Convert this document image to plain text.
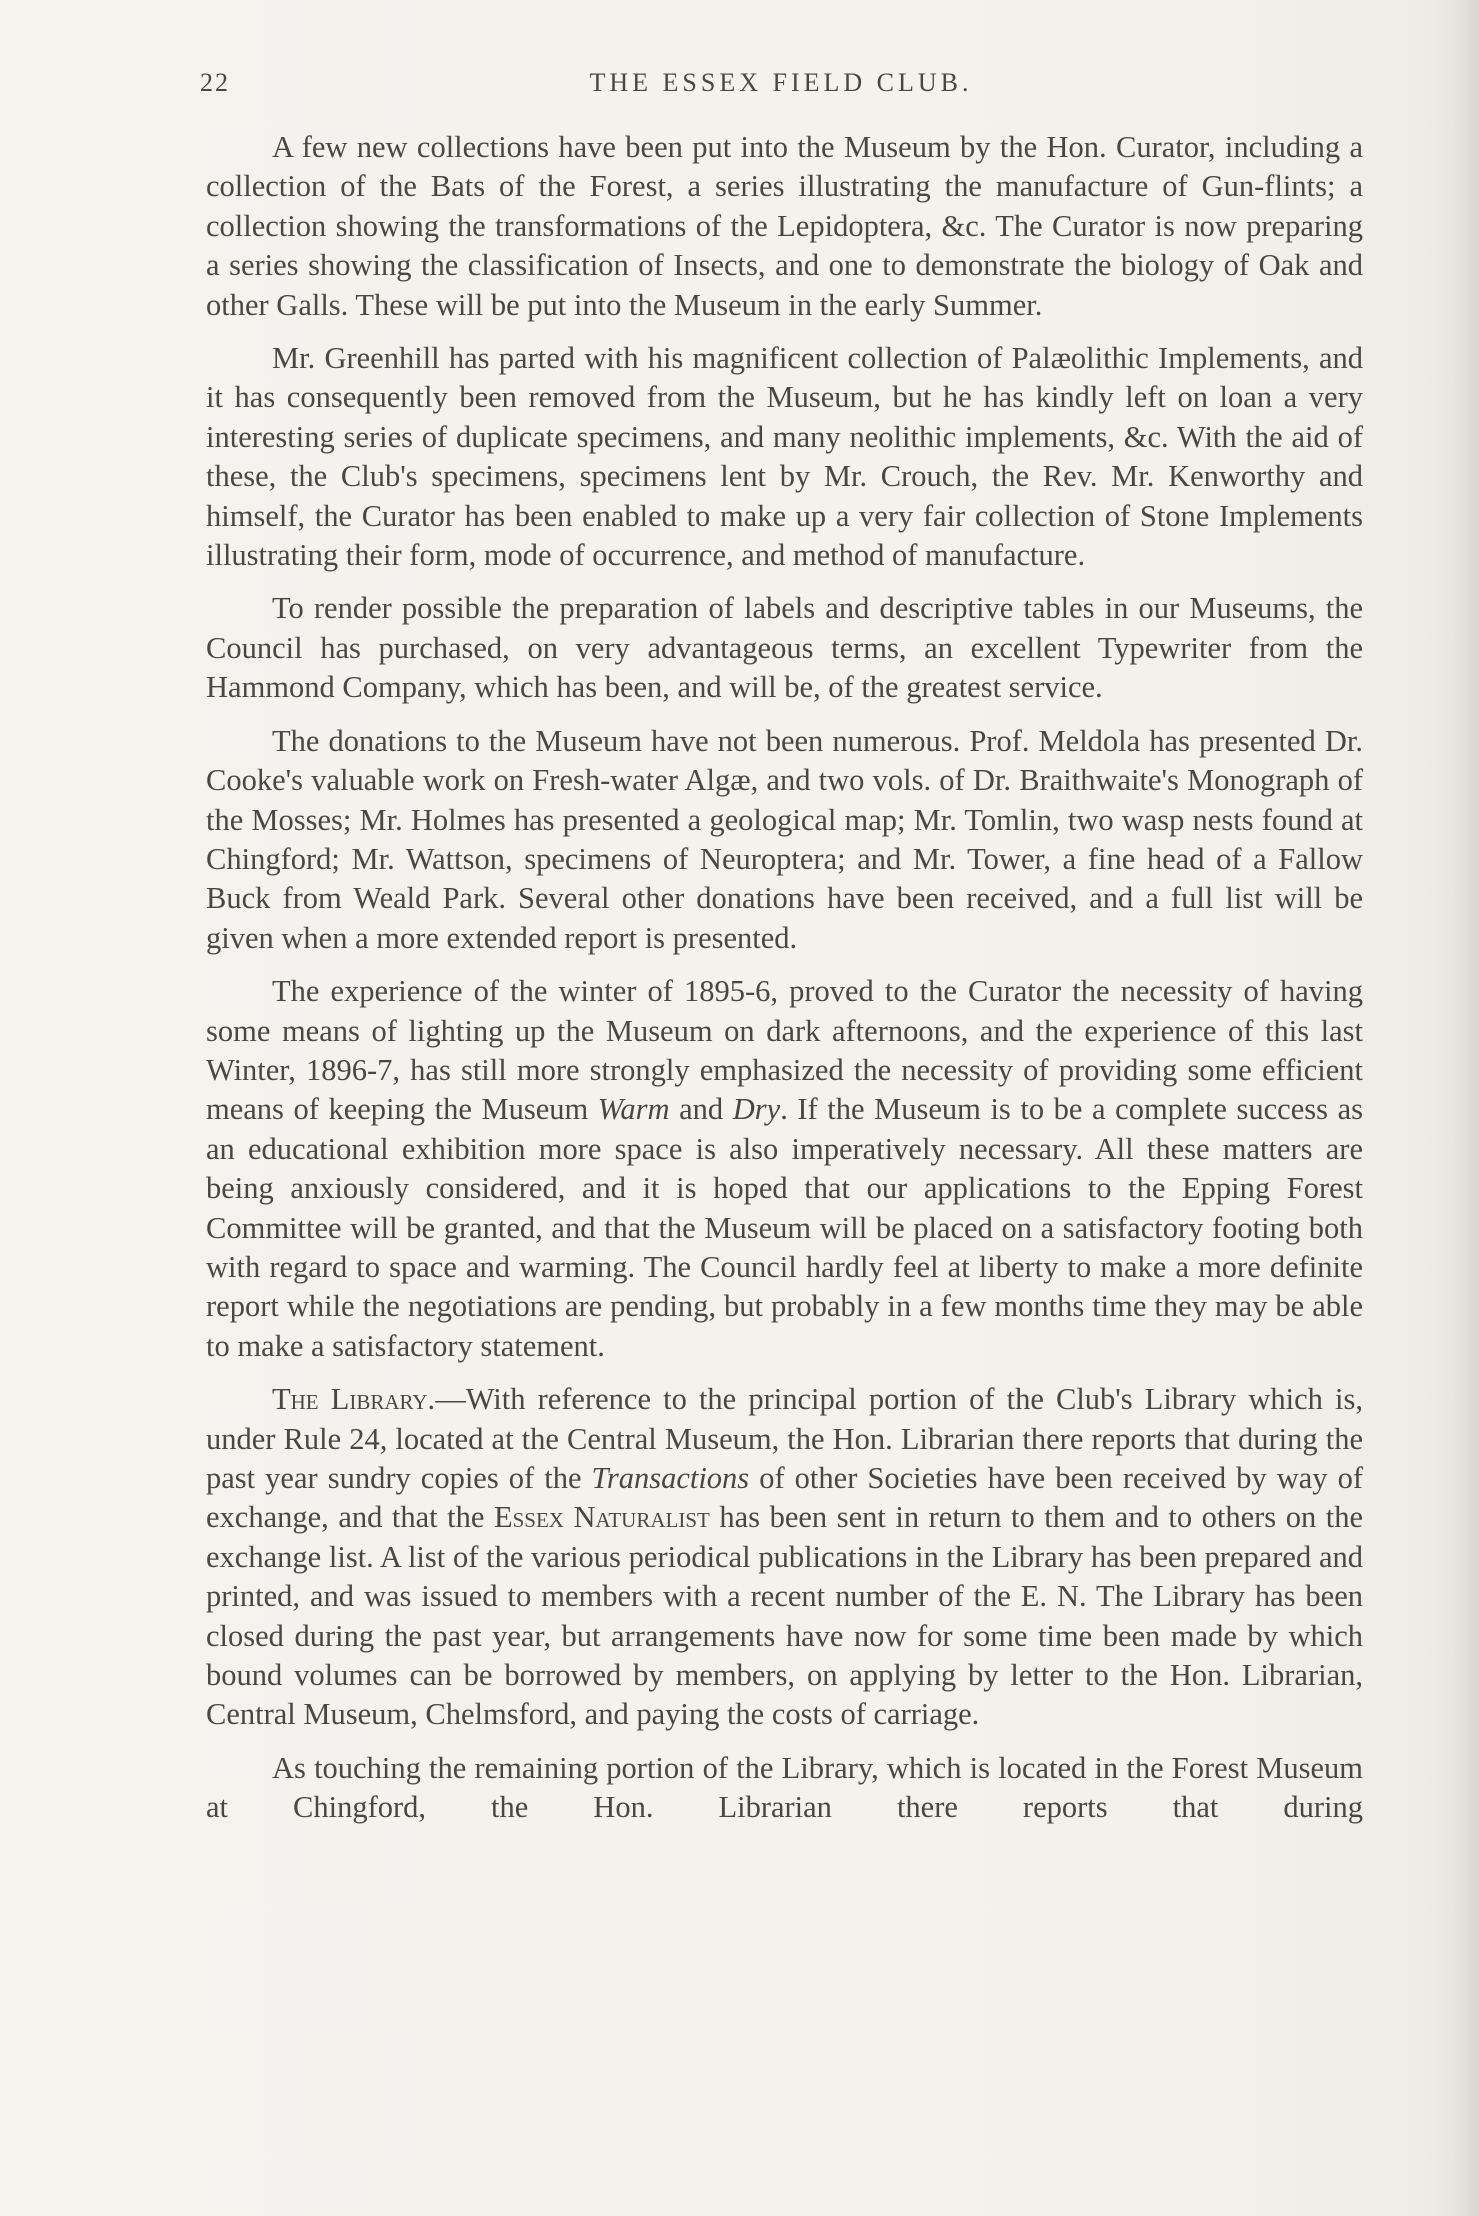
22	THE ESSEX FIELD CLUB.

A few new collections have been put into the Museum by the Hon. Curator, including a collection of the Bats of the Forest, a series illustrating the manufacture of Gun-flints; a collection showing the transformations of the Lepidoptera, &c. The Curator is now preparing a series showing the classification of Insects, and one to demonstrate the biology of Oak and other Galls. These will be put into the Museum in the early Summer.

Mr. Greenhill has parted with his magnificent collection of Palæolithic Implements, and it has consequently been removed from the Museum, but he has kindly left on loan a very interesting series of duplicate specimens, and many neolithic implements, &c. With the aid of these, the Club's specimens, specimens lent by Mr. Crouch, the Rev. Mr. Kenworthy and himself, the Curator has been enabled to make up a very fair collection of Stone Implements illustrating their form, mode of occurrence, and method of manufacture.

To render possible the preparation of labels and descriptive tables in our Museums, the Council has purchased, on very advantageous terms, an excellent Typewriter from the Hammond Company, which has been, and will be, of the greatest service.

The donations to the Museum have not been numerous. Prof. Meldola has presented Dr. Cooke's valuable work on Fresh-water Algæ, and two vols. of Dr. Braithwaite's Monograph of the Mosses; Mr. Holmes has presented a geological map; Mr. Tomlin, two wasp nests found at Chingford; Mr. Wattson, specimens of Neuroptera; and Mr. Tower, a fine head of a Fallow Buck from Weald Park. Several other donations have been received, and a full list will be given when a more extended report is presented.

The experience of the winter of 1895-6, proved to the Curator the necessity of having some means of lighting up the Museum on dark afternoons, and the experience of this last Winter, 1896-7, has still more strongly emphasized the necessity of providing some efficient means of keeping the Museum Warm and Dry. If the Museum is to be a complete success as an educational exhibition more space is also imperatively necessary. All these matters are being anxiously considered, and it is hoped that our applications to the Epping Forest Committee will be granted, and that the Museum will be placed on a satisfactory footing both with regard to space and warming. The Council hardly feel at liberty to make a more definite report while the negotiations are pending, but probably in a few months time they may be able to make a satisfactory statement.

The Library.—With reference to the principal portion of the Club's Library which is, under Rule 24, located at the Central Museum, the Hon. Librarian there reports that during the past year sundry copies of the Transactions of other Societies have been received by way of exchange, and that the Essex Naturalist has been sent in return to them and to others on the exchange list. A list of the various periodical publications in the Library has been prepared and printed, and was issued to members with a recent number of the E. N. The Library has been closed during the past year, but arrangements have now for some time been made by which bound volumes can be borrowed by members, on applying by letter to the Hon. Librarian, Central Museum, Chelmsford, and paying the costs of carriage.

As touching the remaining portion of the Library, which is located in the Forest Museum at Chingford, the Hon. Librarian there reports that during
